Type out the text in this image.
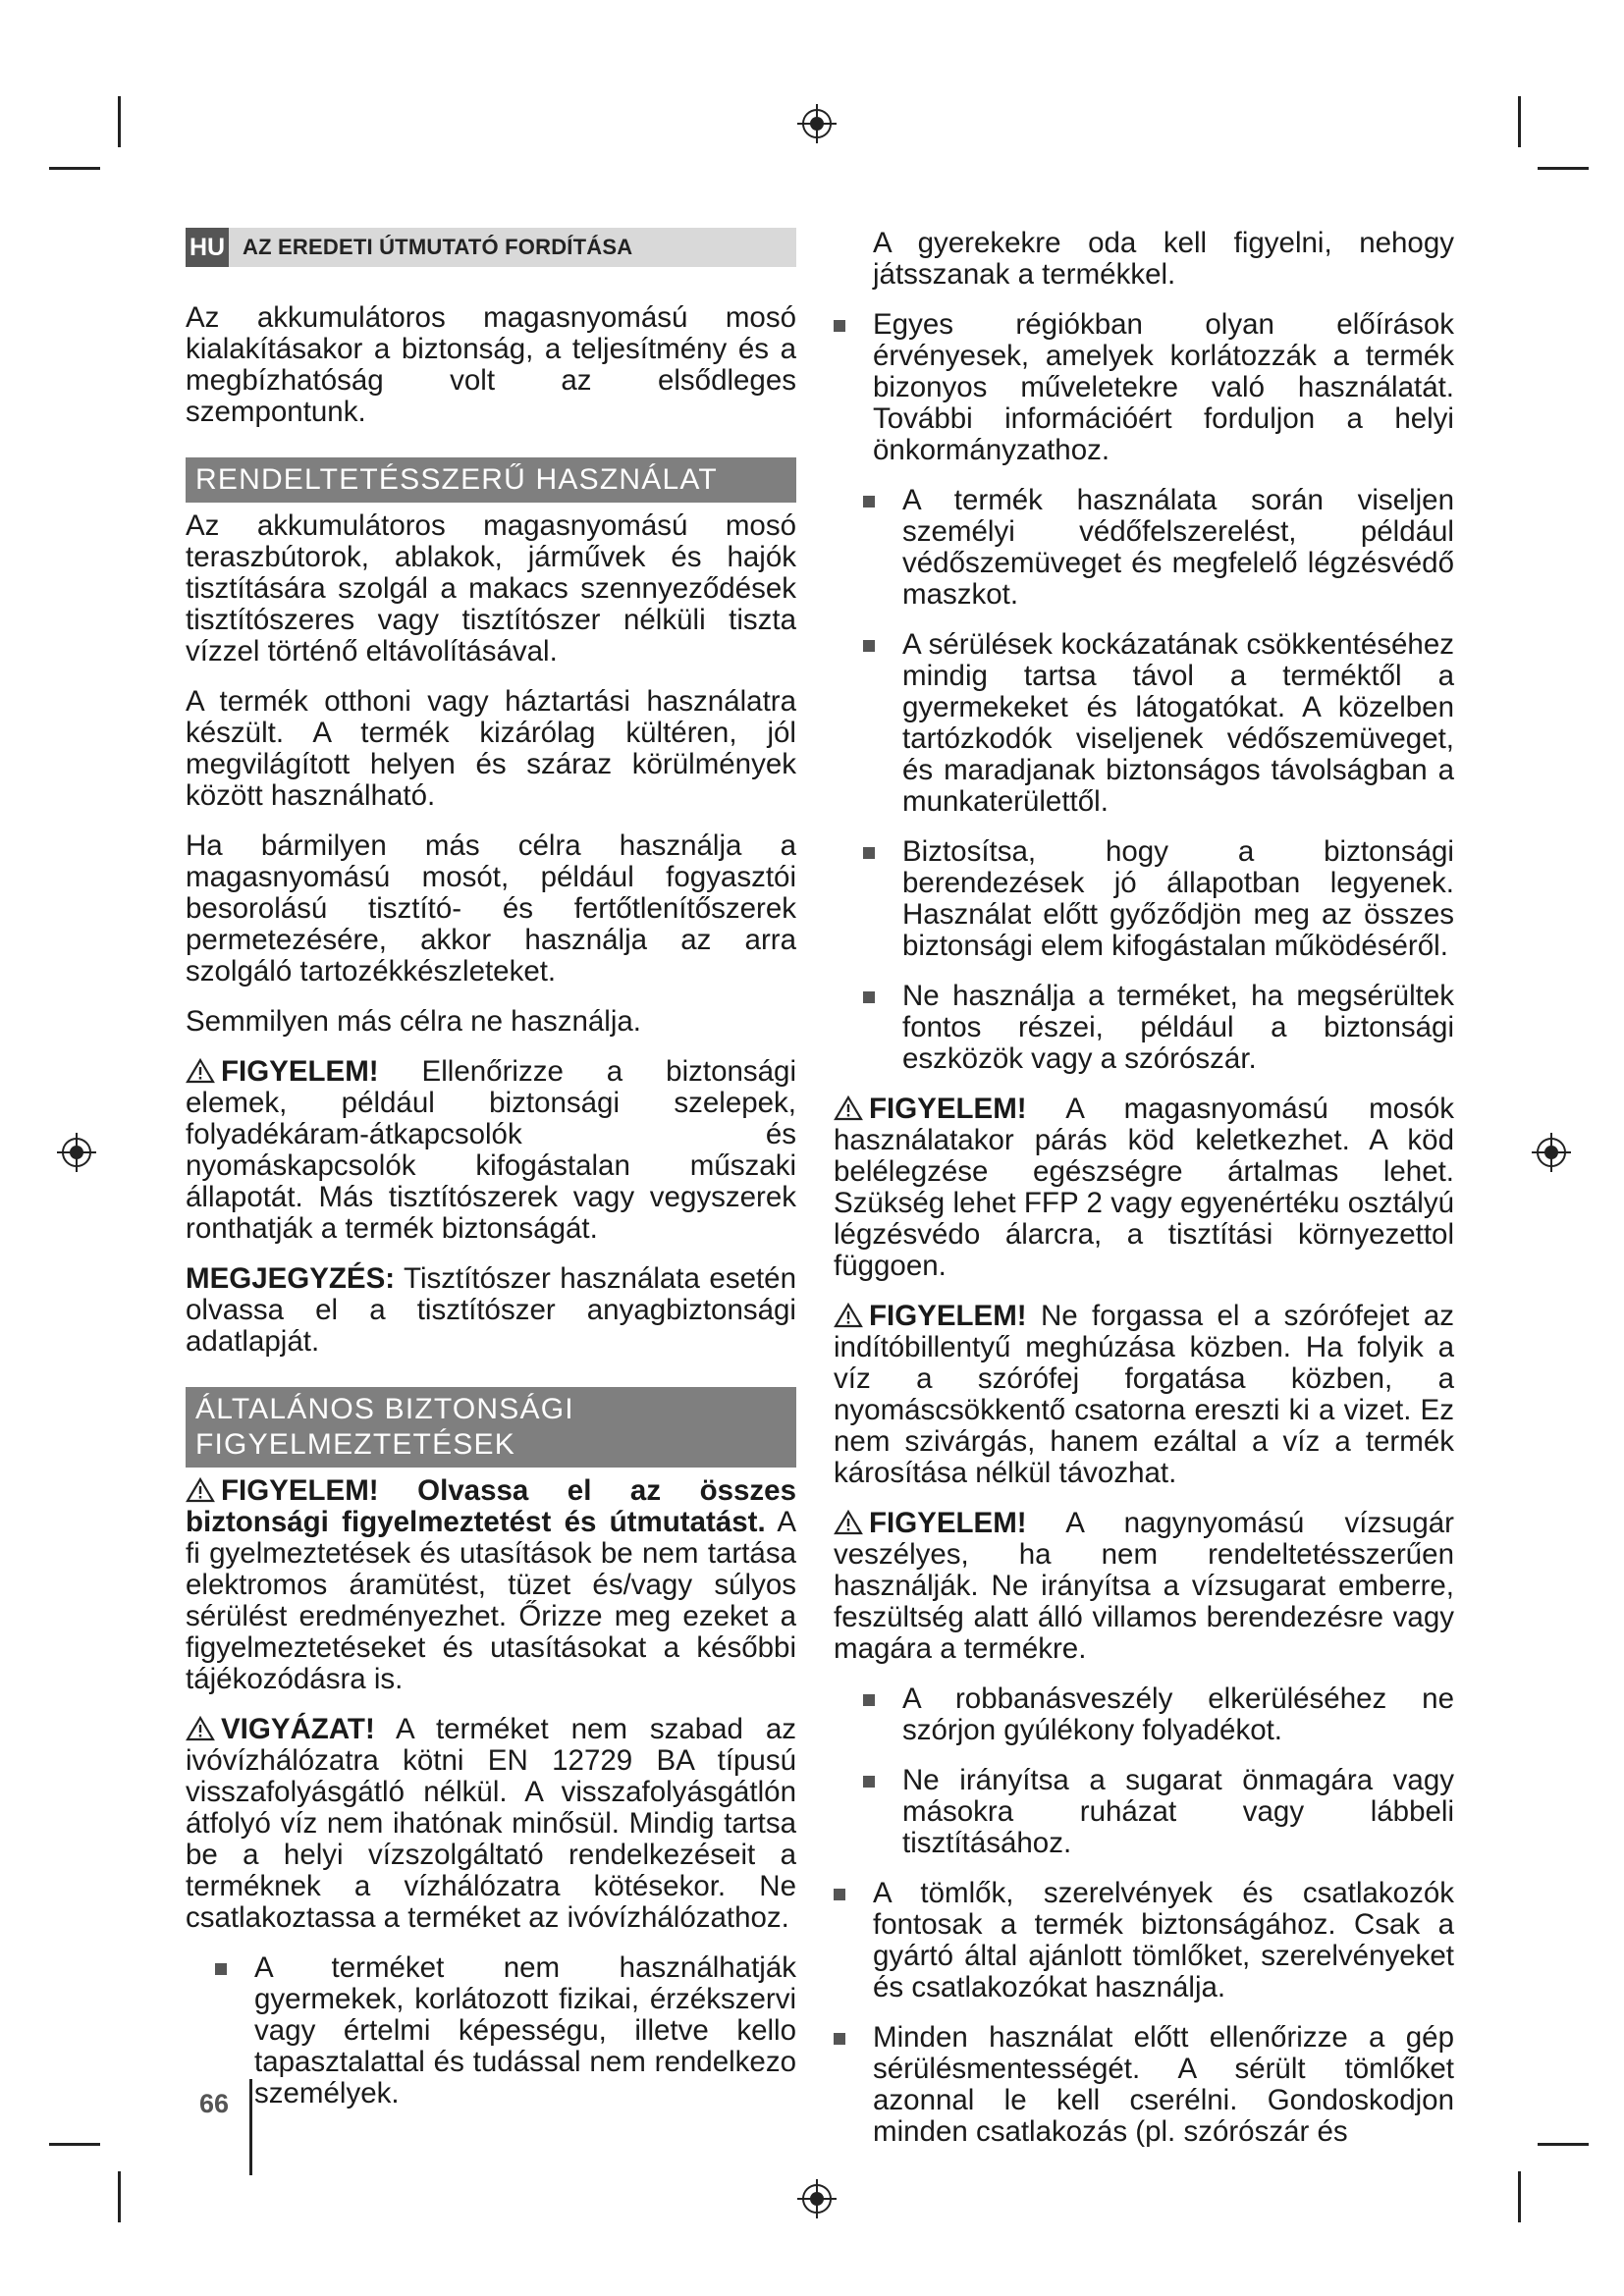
HU AZ EREDETI ÚTMUTATÓ FORDÍTÁSA

Az akkumulátoros magasnyomású mosó kialakításakor a biztonság, a teljesítmény és a megbízhatóság volt az elsődleges szempontunk.

RENDELTETÉSSZERŰ HASZNÁLAT

Az akkumulátoros magasnyomású mosó teraszbútorok, ablakok, járművek és hajók tisztítására szolgál a makacs szennyeződések tisztítószeres vagy tisztítószer nélküli tiszta vízzel történő eltávolításával.

A termék otthoni vagy háztartási használatra készült. A termék kizárólag kültéren, jól megvilágított helyen és száraz körülmények között használható.

Ha bármilyen más célra használja a magasnyomású mosót, például fogyasztói besorolású tisztító- és fertőtlenítőszerek permetezésére, akkor használja az arra szolgáló tartozékkészleteket.

Semmilyen más célra ne használja.

FIGYELEM! Ellenőrizze a biztonsági elemek, például biztonsági szelepek, folyadékáram-átkapcsolók és nyomáskapcsolók kifogástalan műszaki állapotát. Más tisztítószerek vagy vegyszerek ronthatják a termék biztonságát.

MEGJEGYZÉS: Tisztítószer használata esetén olvassa el a tisztítószer anyagbiztonsági adatlapját.

ÁLTALÁNOS BIZTONSÁGI FIGYELMEZTETÉSEK

FIGYELEM! Olvassa el az összes biztonsági figyelmeztetést és útmutatást. A fi gyelmeztetések és utasítások be nem tartása elektromos áramütést, tüzet és/vagy súlyos sérülést eredményezhet. Őrizze meg ezeket a figyelmeztetéseket és utasításokat a későbbi tájékozódásra is.

VIGYÁZAT! A terméket nem szabad az ivóvízhálózatra kötni EN 12729 BA típusú visszafolyásgátló nélkül. A visszafolyásgátlón átfolyó víz nem ihatónak minősül. Mindig tartsa be a helyi vízszolgáltató rendelkezéseit a terméknek a vízhálózatra kötésekor. Ne csatlakoztassa a terméket az ivóvízhálózathoz.

A terméket nem használhatják gyermekek, korlátozott fizikai, érzékszervi vagy értelmi képességu, illetve kello tapasztalattal és tudással nem rendelkezo személyek.

A gyerekekre oda kell figyelni, nehogy játsszanak a termékkel.

Egyes régiókban olyan előírások érvényesek, amelyek korlátozzák a termék bizonyos műveletekre való használatát. További információért forduljon a helyi önkormányzathoz.

A termék használata során viseljen személyi védőfelszerelést, például védőszemüveget és megfelelő légzésvédő maszkot.

A sérülések kockázatának csökkentéséhez mindig tartsa távol a terméktől a gyermekeket és látogatókat. A közelben tartózkodók viseljenek védőszemüveget, és maradjanak biztonságos távolságban a munkaterülettől.

Biztosítsa, hogy a biztonsági berendezések jó állapotban legyenek. Használat előtt győződjön meg az összes biztonsági elem kifogástalan működéséről.

Ne használja a terméket, ha megsérültek fontos részei, például a biztonsági eszközök vagy a szórószár.

FIGYELEM! A magasnyomású mosók használatakor párás köd keletkezhet. A köd belélegzése egészségre ártalmas lehet. Szükség lehet FFP 2 vagy egyenértéku osztályú légzésvédo álarcra, a tisztítási környezettol függoen.

FIGYELEM! Ne forgassa el a szórófejet az indítóbillentyű meghúzása közben. Ha folyik a víz a szórófej forgatása közben, a nyomáscsökkentő csatorna ereszti ki a vizet. Ez nem szivárgás, hanem ezáltal a víz a termék károsítása nélkül távozhat.

FIGYELEM! A nagynyomású vízsugár veszélyes, ha nem rendeltetésszerűen használják. Ne irányítsa a vízsugarat emberre, feszültség alatt álló villamos berendezésre vagy magára a termékre.

A robbanásveszély elkerüléséhez ne szórjon gyúlékony folyadékot.

Ne irányítsa a sugarat önmagára vagy másokra ruházat vagy lábbeli tisztításához.

A tömlők, szerelvények és csatlakozók fontosak a termék biztonságához. Csak a gyártó által ajánlott tömlőket, szerelvényeket és csatlakozókat használja.

Minden használat előtt ellenőrizze a gép sérülésmentességét. A sérült tömlőket azonnal le kell cserélni. Gondoskodjon minden csatlakozás (pl. szórószár és

66
